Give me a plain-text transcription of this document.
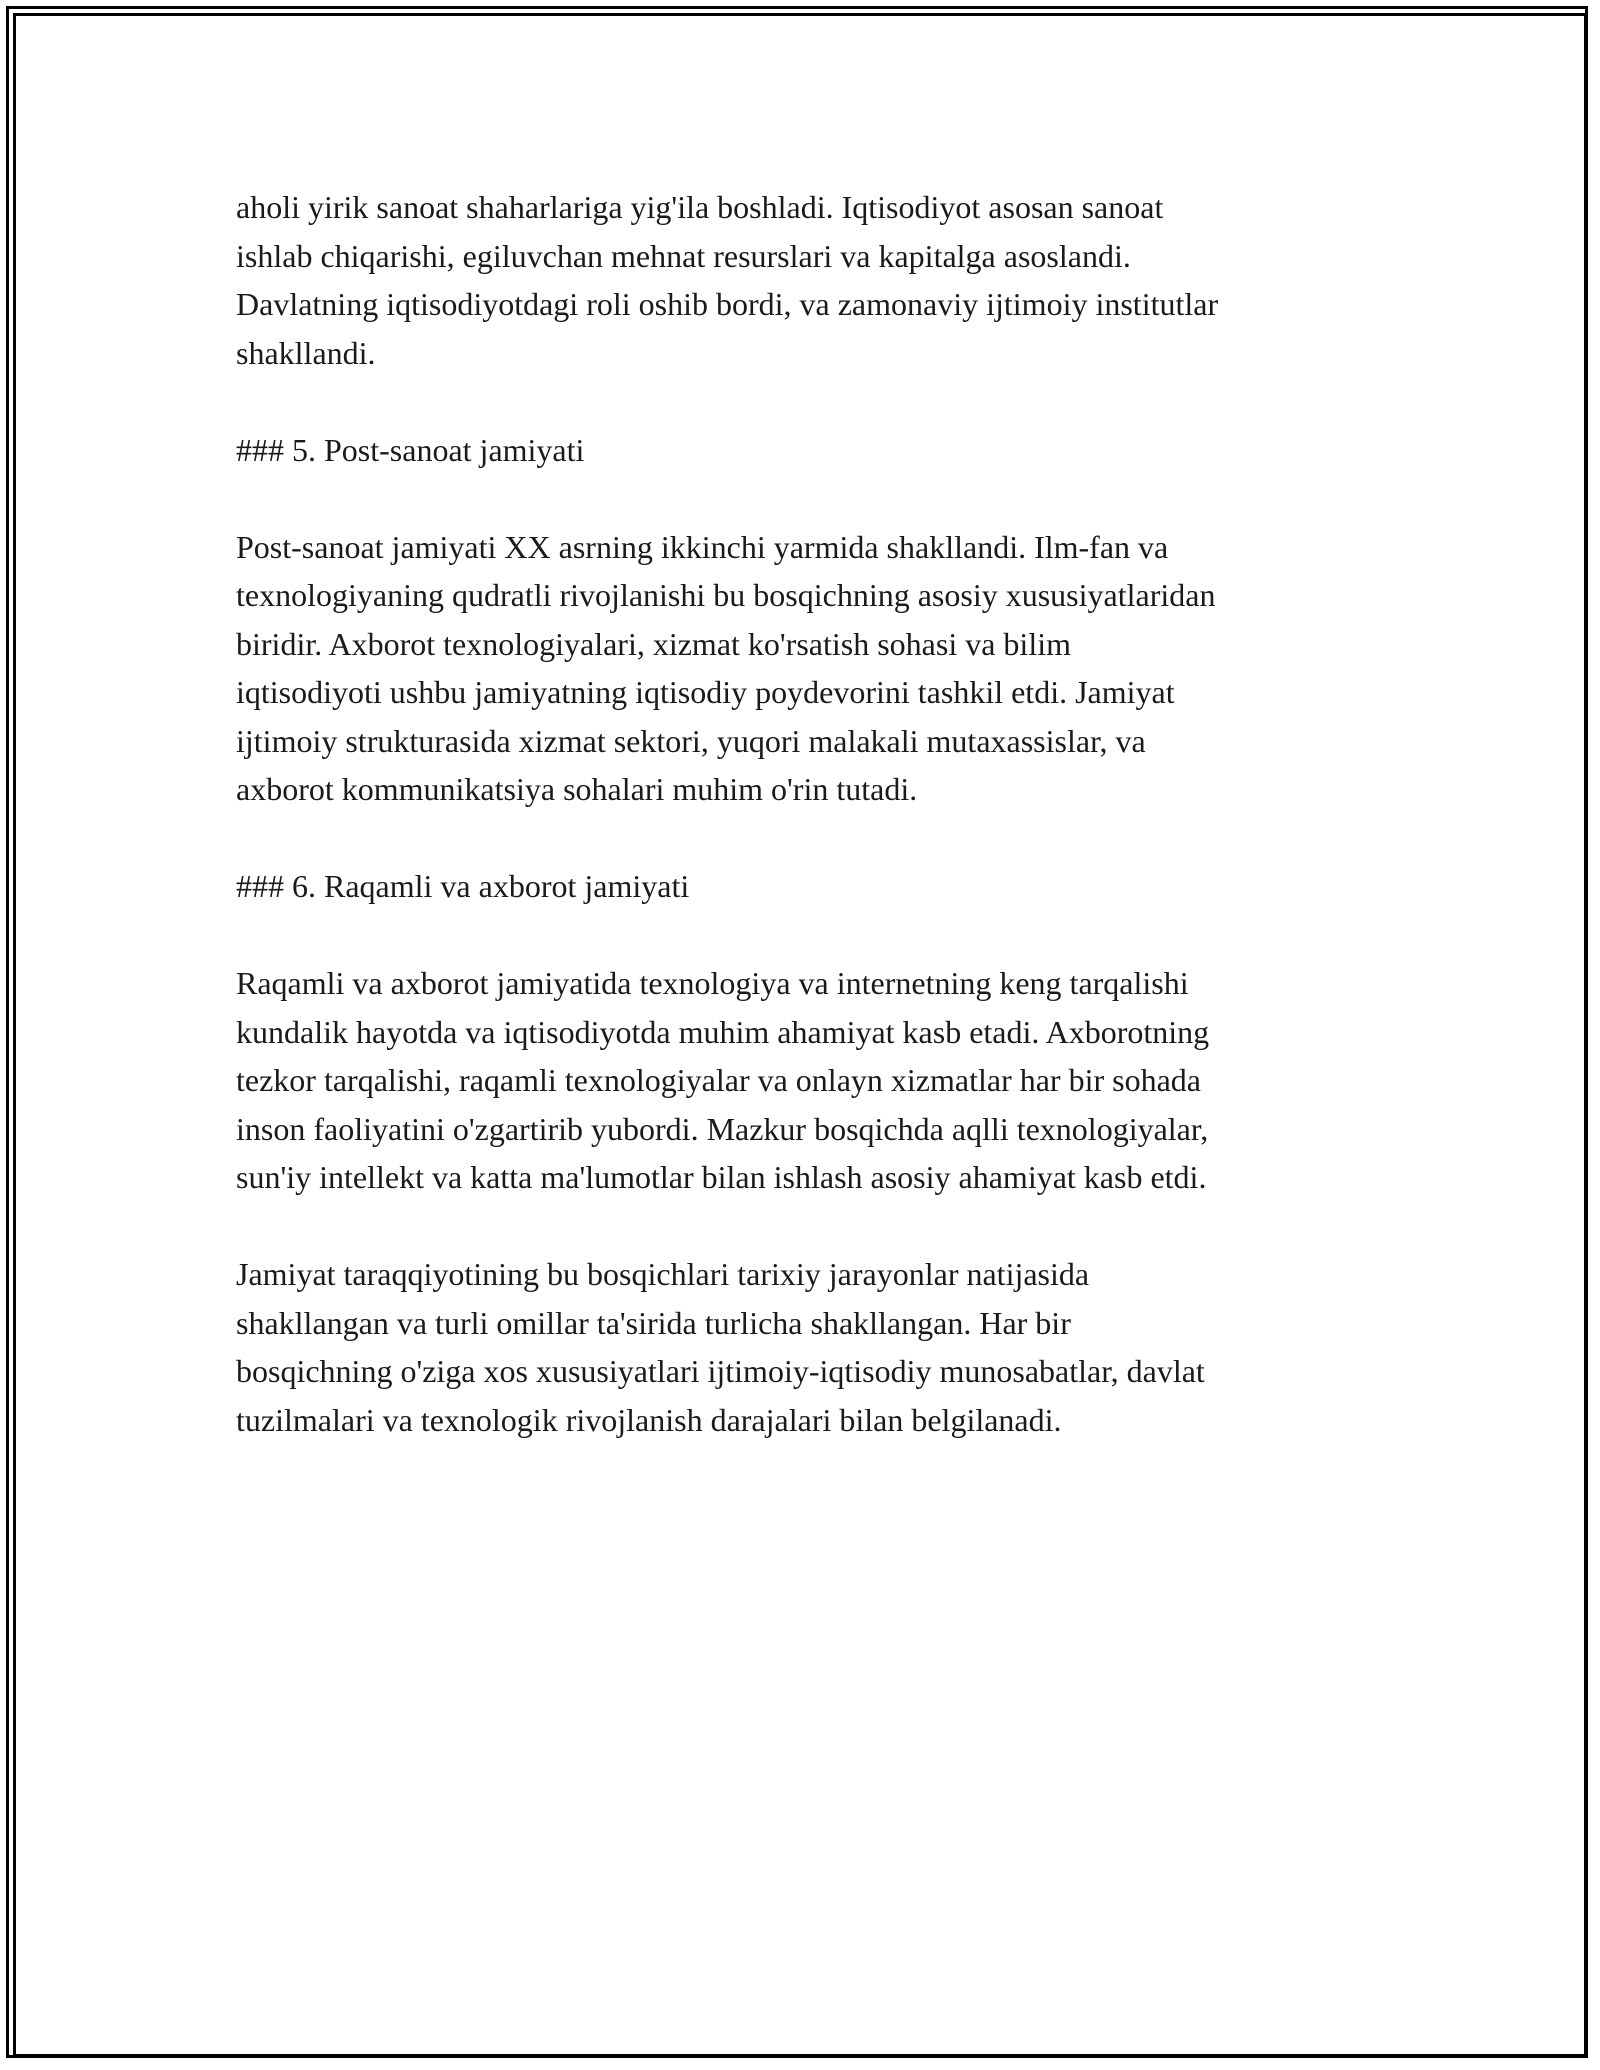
aholi yirik sanoat shaharlariga yig'ila boshladi. Iqtisodiyot asosan sanoat
ishlab chiqarishi, egiluvchan mehnat resurslari va kapitalga asoslandi.
Davlatning iqtisodiyotdagi roli oshib bordi, va zamonaviy ijtimoiy institutlar
shakllandi.

### 5. Post-sanoat jamiyati

Post-sanoat jamiyati XX asrning ikkinchi yarmida shakllandi. Ilm-fan va
texnologiyaning qudratli rivojlanishi bu bosqichning asosiy xususiyatlaridan
biridir. Axborot texnologiyalari, xizmat ko'rsatish sohasi va bilim
iqtisodiyoti ushbu jamiyatning iqtisodiy poydevorini tashkil etdi. Jamiyat
ijtimoiy strukturasida xizmat sektori, yuqori malakali mutaxassislar, va
axborot kommunikatsiya sohalari muhim o'rin tutadi.

### 6. Raqamli va axborot jamiyati

Raqamli va axborot jamiyatida texnologiya va internetning keng tarqalishi
kundalik hayotda va iqtisodiyotda muhim ahamiyat kasb etadi. Axborotning
tezkor tarqalishi, raqamli texnologiyalar va onlayn xizmatlar har bir sohada
inson faoliyatini o'zgartirib yubordi. Mazkur bosqichda aqlli texnologiyalar,
sun'iy intellekt va katta ma'lumotlar bilan ishlash asosiy ahamiyat kasb etdi.

Jamiyat taraqqiyotining bu bosqichlari tarixiy jarayonlar natijasida
shakllangan va turli omillar ta'sirida turlicha shakllangan. Har bir
bosqichning o'ziga xos xususiyatlari ijtimoiy-iqtisodiy munosabatlar, davlat
tuzilmalari va texnologik rivojlanish darajalari bilan belgilanadi.
